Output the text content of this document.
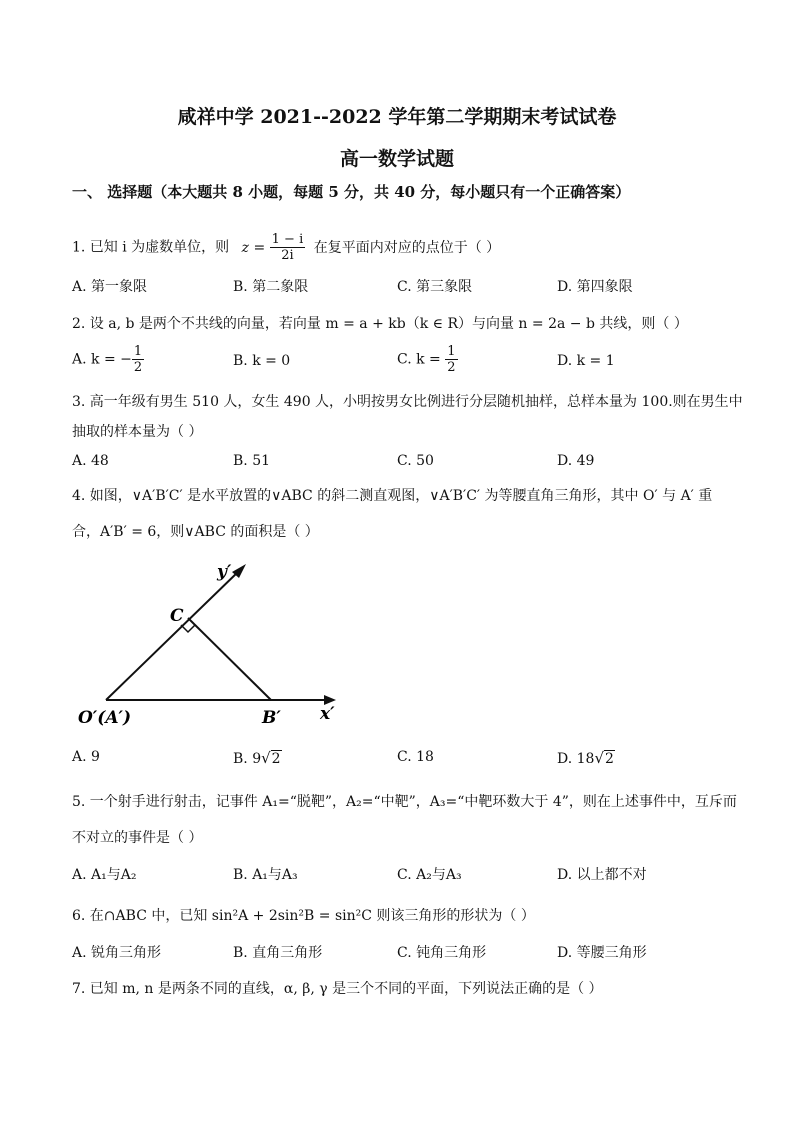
咸祥中学 2021--2022 学年第二学期期末考试试卷
高一数学试题
一、 选择题（本大题共 8 小题，每题 5 分，共 40 分，每小题只有一个正确答案）
1. 已知 i 为虚数单位，则 $z = \frac{1 - i}{2i}$ 在复平面内对应的点位于（ ）
A. 第一象限	B. 第二象限	C. 第三象限	D. 第四象限
2. 设 a, b 是两个不共线的向量，若向量 m = a + kb（k ∈ R）与向量 n = 2a − b 共线，则（ ）
A. k = − $\frac{1}{2}$	B. k = 0	C. $k = \frac{1}{2}$	D. k = 1
3. 高一年级有男生 510 人，女生 490 人，小明按男女比例进行分层随机抽样，总样本量为 100.则在男生中
抽取的样本量为（ ）
A. 48	B. 51	C. 50	D. 49
4. 如图，∨A′B′C′ 是水平放置的∨ABC 的斜二测直观图，∨A′B′C′ 为等腰直角三角形，其中 O′ 与 A′ 重
合，A′B′ = 6，则∨ABC 的面积是（ ）
y′
C
O′(A′)	B′ x′
A. 9	B. 9√2	C. 18	D. 18√2
5. 一个射手进行射击，记事件 A₁=“脱靶”，A₂=“中靶”，A₃=“中靶环数大于 4”，则在上述事件中，互斥而
不对立的事件是（ ）
A. A₁与A₂	B. A₁与A₃	C. A₂与A₃	D. 以上都不对
6. 在∩ABC 中，已知 sin²A + 2sin²B = sin²C 则该三角形的形状为（ ）
A. 锐角三角形	B. 直角三角形	C. 钝角三角形	D. 等腰三角形
7. 已知 m, n 是两条不同的直线，α, β, γ 是三个不同的平面，下列说法正确的是（ ）
